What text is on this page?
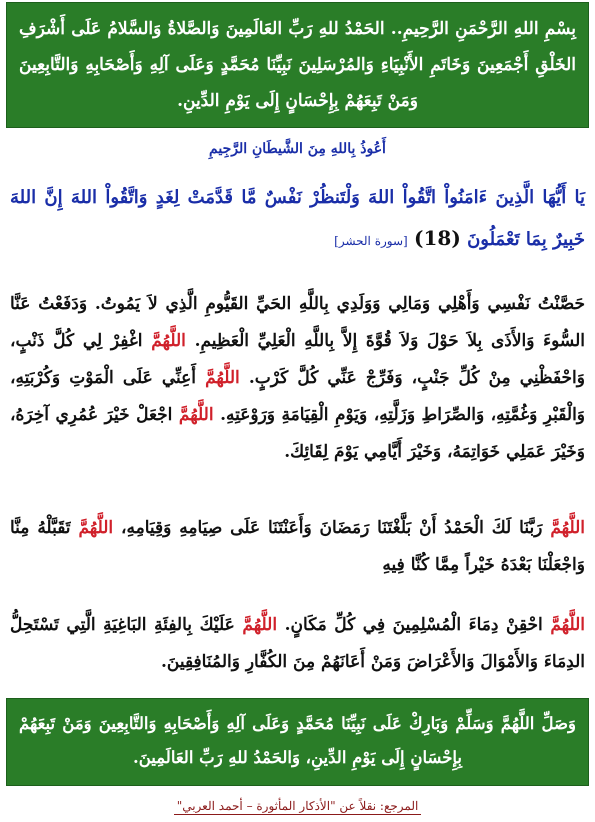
بِسْمِ اللهِ الرَّحْمَنِ الرَّحِيمِ.. الحَمْدُ للهِ رَبِّ العَالَمِينَ وَالصَّلاةُ وَالسَّلامُ عَلَى أَشْرَفِ الخَلْقِ أَجْمَعِينَ وَخَاتَمِ الأَنْبِيَاءِ وَالمُرْسَلِينَ نَبِيِّنَا مُحَمَّدٍ وَعَلَى آلِهِ وَأَصْحَابِهِ وَالتَّابِعِينَ وَمَنْ تَبِعَهُمْ بِإِحْسَانٍ إِلَى يَوْمِ الدِّينِ.
أَعُوذُ بِاللهِ مِنَ الشَّيطَانِ الرَّجِيمِ
يَا أَيُّهَا الَّذِينَ ءَامَنُواْ اتَّقُواْ اللهَ وَلْتَنظُرْ نَفْسٌ مَّا قَدَّمَتْ لِغَدٍ وَاتَّقُواْ اللهَ إِنَّ اللهَ خَبِيرٌ بِمَا تَعْمَلُونَ (18) [سورة الحشر]
حَصَّنْتُ نَفْسِي وَأَهْلِي وَمَالِي وَوَلَدِي بِاللَّهِ الحَيِّ القَيُّومِ الَّذِي لاَ يَمُوتُ. وَدَفَعْتُ عَنَّا السُّوءَ وَالأَذَى بِلاَ حَوْلَ وَلاَ قُوَّةَ إِلاَّ بِاللَّهِ الْعَلِيِّ الْعَظِيمِ. اللَّهُمَّ اغْفِرْ لِي كُلَّ ذَنْبٍ، وَاحْفَظْنِي مِنْ كُلِّ جَنْبٍ، وَفَرِّجْ عَنِّي كُلَّ كَرْبٍ. اللَّهُمَّ أَعِنِّي عَلَى الْمَوْتِ وَكُرْبَتِهِ، وَالْقَبْرِ وَغُمَّتِهِ، وَالصِّرَاطِ وَزَلَّتِهِ، وَيَوْمِ الْقِيَامَةِ وَرَوْعَتِهِ. اللَّهُمَّ اجْعَلْ خَيْرَ عُمُرِي آخِرَهُ، وَخَيْرَ عَمَلِي خَوَاتِمَهُ، وَخَيْرَ أَيَّامِي يَوْمَ لِقَائِكَ.
اللَّهُمَّ رَبَّنَا لَكَ الْحَمْدُ أَنْ بَلَّغْتَنَا رَمَضَانَ وَأَعَنْتَنَا عَلَى صِيَامِهِ وَقِيَامِهِ، اللَّهُمَّ تَقَبَّلْهُ مِنَّا وَاجْعَلْنَا بَعْدَهُ خَيْراً مِمَّا كُنَّا فِيهِ
اللَّهُمَّ احْقِنْ دِمَاءَ الْمُسْلِمِينَ فِي كُلِّ مَكَانٍ. اللَّهُمَّ عَلَيْكَ بِالفِئَةِ البَاغِيَةِ الَّتِي تَسْتَحِلُّ الدِمَاءَ وَالأَمْوَالَ وَالأَعْرَاضَ وَمَنْ أَعَانَهُمْ مِنَ الكُفَّارِ وَالمُنَافِقِينَ.
وَصَلِّ اللَّهُمَّ وَسَلِّمْ وَبَارِكْ عَلَى نَبِيِّنَا مُحَمَّدٍ وَعَلَى آلِهِ وَأَصْحَابِهِ وَالتَّابِعِينَ وَمَنْ تَبِعَهُمْ بِإِحْسَانٍ إِلَى يَوْمِ الدِّينِ، وَالحَمْدُ للهِ رَبِّ العَالَمِينَ.
المرجع: نقلاً عن "الأذكار المأثورة – أحمد العربي"
